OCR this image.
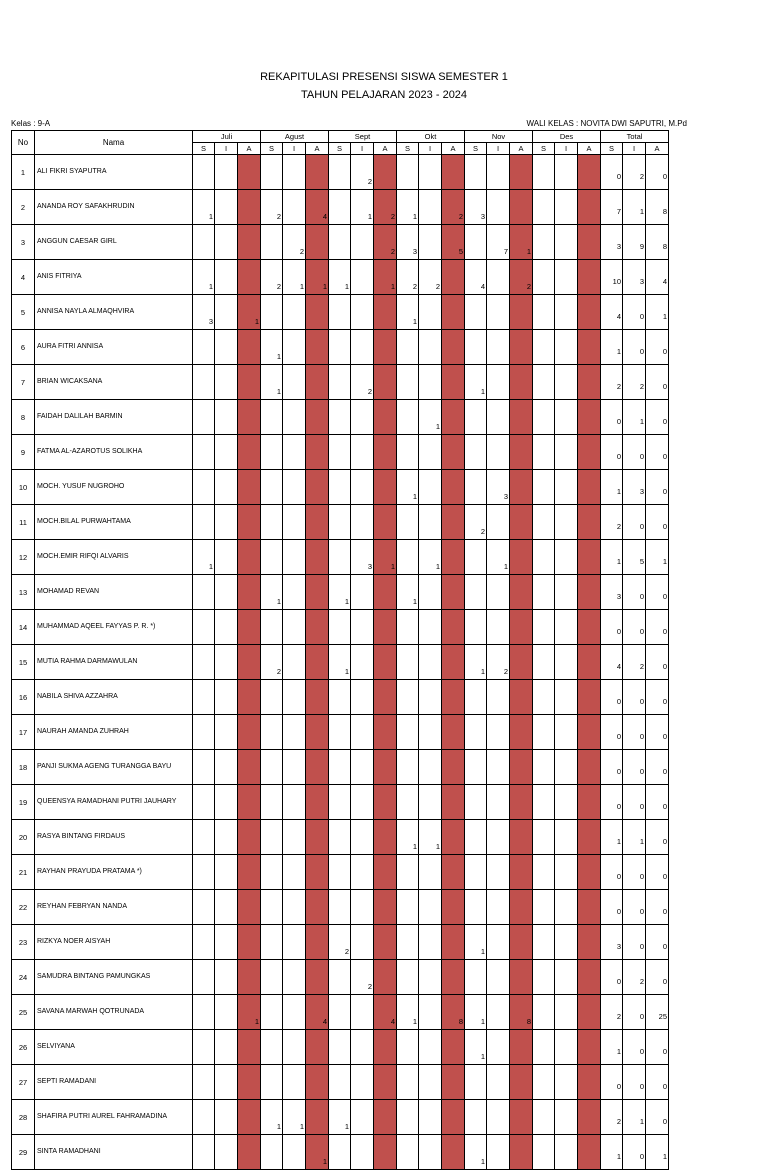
REKAPITULASI PRESENSI SISWA SEMESTER 1
TAHUN PELAJARAN 2023 - 2024
Kelas : 9-A	WALI KELAS : NOVITA DWI SAPUTRI, M.Pd
No	Nama	Juli			Agust			Sept			Okt			Nov			Des			Total		
		S	I	A	S	I	A	S	I	A	S	I	A	S	I	A	S	I	A	S	I	A
1	ALI FIKRI SYAPUTRA								2											0	2	0
2	ANANDA ROY SAFAKHRUDIN	1			2		4		1	2	1		2	3						7	1	8
3	ANGGUN CAESAR GIRL					2				2	3		5		7	1				3	9	8
4	ANIS FITRIYA	1			2	1	1	1		1	2	2		4		2				10	3	4
5	ANNISA NAYLA ALMAQHVIRA	3		1							1									4	0	1
6	AURA FITRI ANNISA				1															1	0	0
7	BRIAN WICAKSANA				1				2					1						2	2	0
8	FAIDAH DALILAH BARMIN											1								0	1	0
9	FATMA AL-AZAROTUS SOLIKHA																			0	0	0
10	MOCH. YUSUF NUGROHO										1				3					1	3	0
11	MOCH.BILAL PURWAHTAMA													2						2	0	0
12	MOCH.EMIR RIFQI ALVARIS	1							3	1		1			1					1	5	1
13	MOHAMAD REVAN				1			1			1									3	0	0
14	MUHAMMAD AQEEL FAYYAS P. R. *)																			0	0	0
15	MUTIA RAHMA DARMAWULAN				2			1						1	2					4	2	0
16	NABILA SHIVA AZZAHRA																			0	0	0
17	NAURAH AMANDA ZUHRAH																			0	0	0
18	PANJI SUKMA AGENG TURANGGA BAYU																			0	0	0
19	QUEENSYA RAMADHANI PUTRI JAUHARY																			0	0	0
20	RASYA BINTANG FIRDAUS										1	1								1	1	0
21	RAYHAN PRAYUDA PRATAMA *)																			0	0	0
22	REYHAN FEBRYAN NANDA																			0	0	0
23	RIZKYA NOER AISYAH							2						1						3	0	0
24	SAMUDRA BINTANG PAMUNGKAS								2											0	2	0
25	SAVANA MARWAH QOTRUNADA			1			4			4	1		8	1		8				2	0	25
26	SELVIYANA													1						1	0	0
27	SEPTI RAMADANI																			0	0	0
28	SHAFIRA PUTRI AUREL FAHRAMADINA				1	1		1												2	1	0
29	SINTA RAMADHANI						1							1						1	0	1
